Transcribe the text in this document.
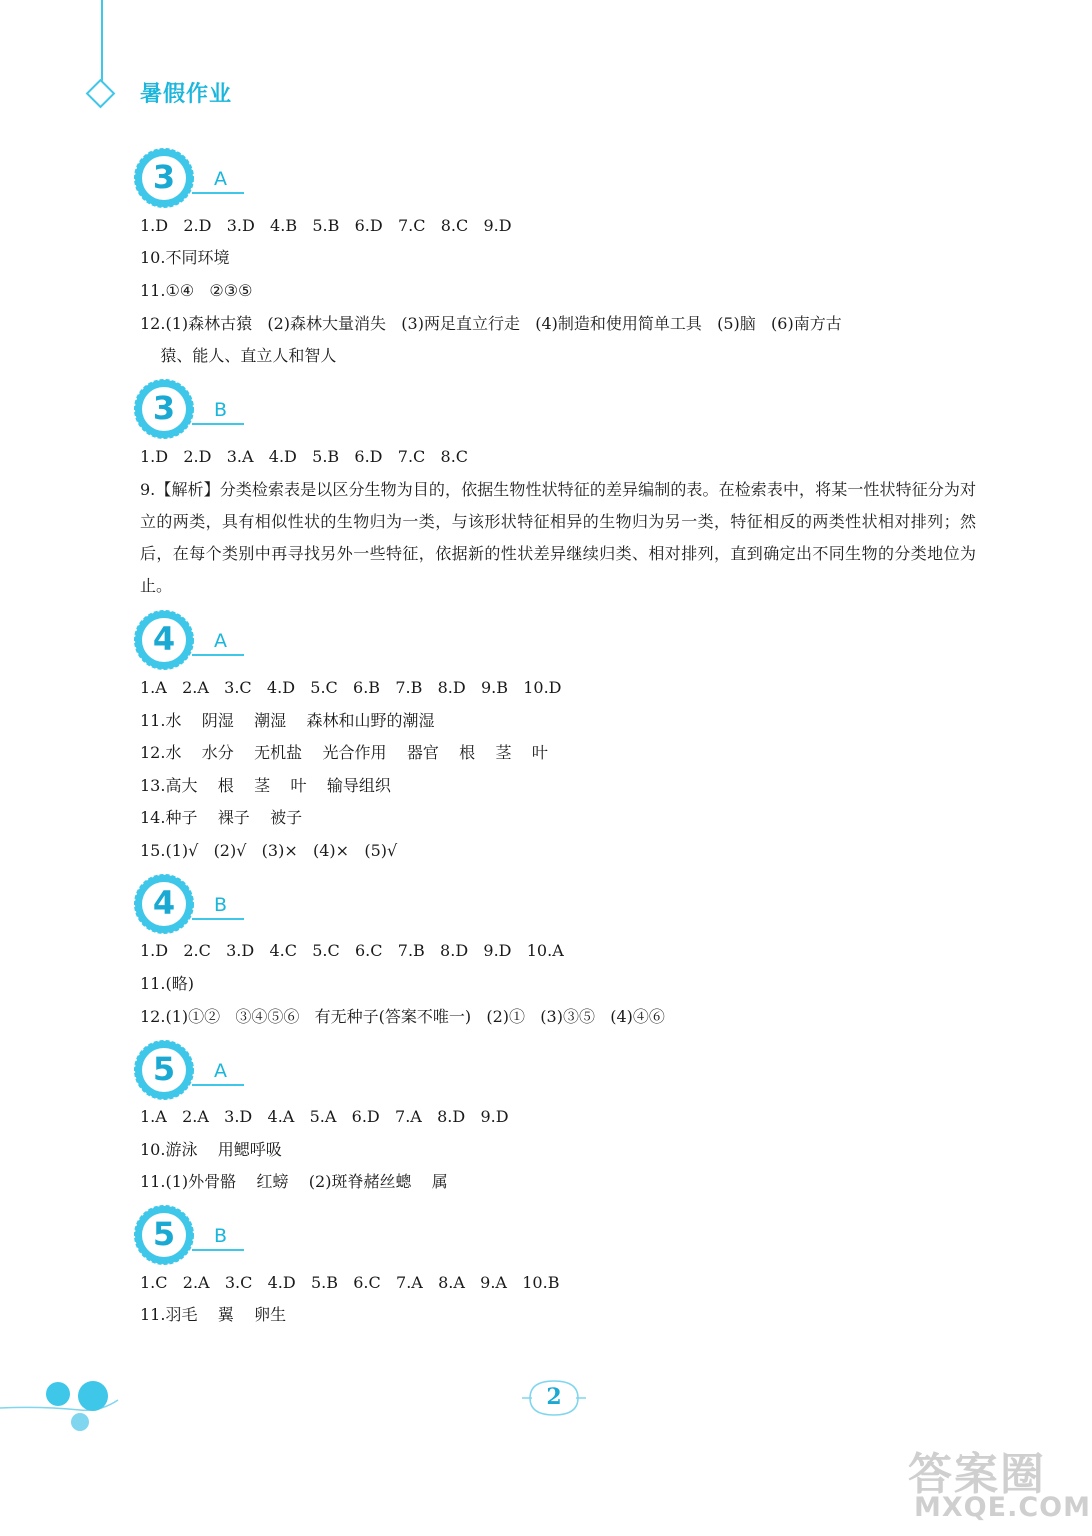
暑假作业
3	A
1.D   2.D   3.D   4.B   5.B   6.D   7.C   8.C   9.D
10.不同环境
11.①④   ②③⑤
12.(1)森林古猿   (2)森林大量消失   (3)两足直立行走   (4)制造和使用简单工具   (5)脑   (6)南方古
猿、能人、直立人和智人
3	B
1.D   2.D   3.A   4.D   5.B   6.D   7.C   8.C

9.【解析】分类检索表是以区分生物为目的，依据生物性状特征的差异编制的表。在检索表中，将某一性状特征分为对立的两类，具有相似性状的生物归为一类，与该形状特征相异的生物归为另一类，特征相反的两类性状相对排列；然后，在每个类别中再寻找另外一些特征，依据新的性状差异继续归类、相对排列，直到确定出不同生物的分类地位为止。

4	A
1.A   2.A   3.C   4.D   5.C   6.B   7.B   8.D   9.B   10.D
11.水    阴湿    潮湿    森林和山野的潮湿
12.水    水分    无机盐    光合作用    器官    根    茎    叶
13.高大    根    茎    叶    输导组织
14.种子    裸子    被子
15.(1)√   (2)√   (3)×   (4)×   (5)√
4	B
1.D   2.C   3.D   4.C   5.C   6.C   7.B   8.D   9.D   10.A
11.(略)
12.(1)①②   ③④⑤⑥   有无种子(答案不唯一)   (2)①   (3)③⑤   (4)④⑥
5	A
1.A   2.A   3.D   4.A   5.A   6.D   7.A   8.D   9.D
10.游泳    用鳃呼吸
11.(1)外骨骼    红螃    (2)斑脊赭丝蟌    属
5	B
1.C   2.A   3.C   4.D   5.B   6.C   7.A   8.A   9.A   10.B
11.羽毛    翼    卵生
2
答案圈
MXQE.COM
